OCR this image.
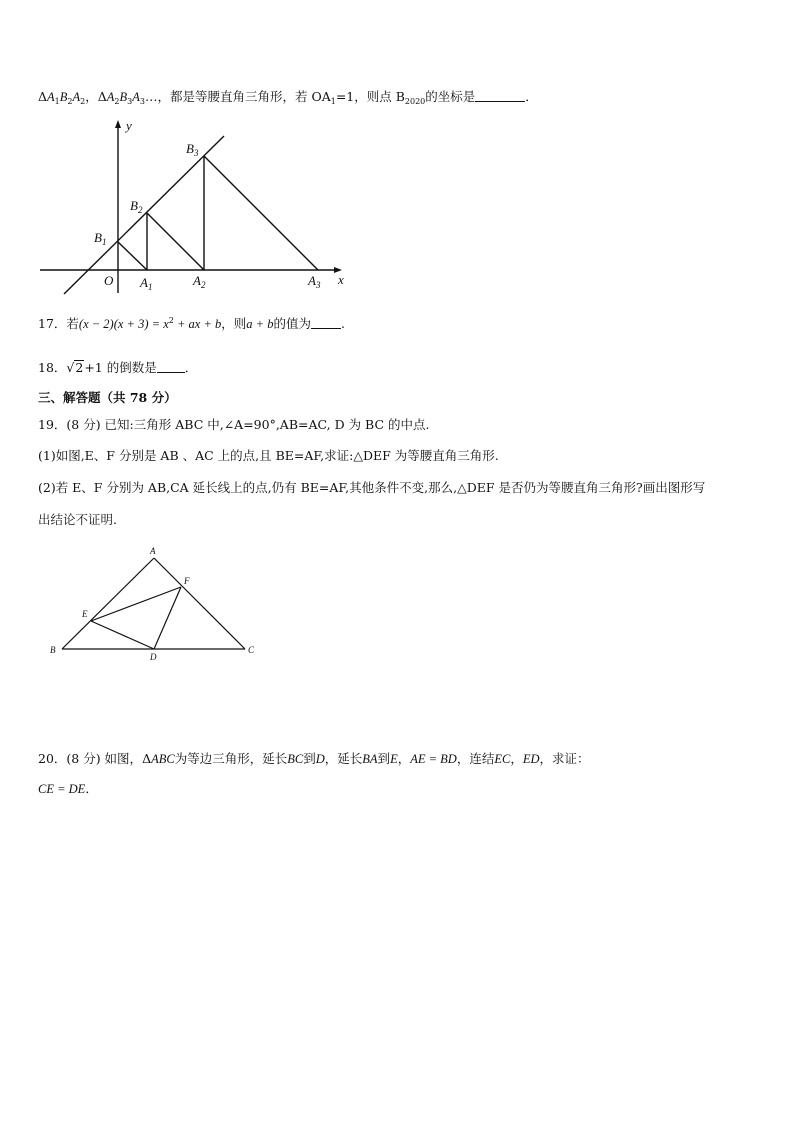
$\Delta A_1B_2A_2$，$\Delta A_2B_3A_3\dots$，都是等腰直角三角形，若 $OA_1=1$，则点 $B_{2020}$的坐标是	．
y
x
O
$B_1$
$B_2$
$B_3$
$A_1$	$A_2$	$A_3$
17．若$(x - 2)(x + 3) = x^2$ + ax + b，则a + b的值为 .
18．√2+1 的倒数是 ．
三、解答题（共 78 分）
19．(8 分) 已知:三角形 ABC 中,∠A=90°,AB=AC, D 为 BC 的中点.
(1)如图,E、F 分别是 AB 、AC 上的点,且 BE=AF,求证:△DEF 为等腰直角三角形.
(2)若 E、F 分别为 AB,CA 延长线上的点,仍有 BE=AF,其他条件不变,那么,△DEF 是否仍为等腰直角三角形?画出图形写
出结论不证明.
A
B	C
D
E
F
20．(8 分) 如图，ΔABC为等边三角形，延长BC到D，延长BA到E，AE = BD，连结EC，ED，求证：
CE = DE．
